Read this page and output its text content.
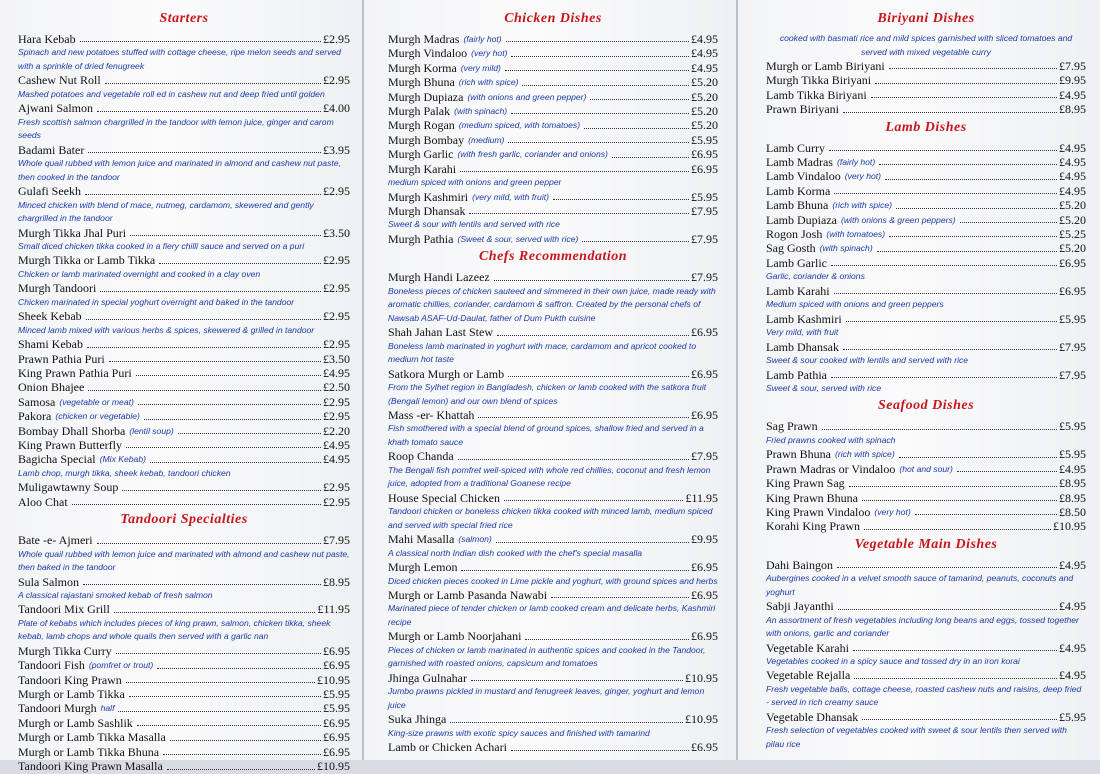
Starters
Hara Kebab	£2.95
Spinach and new potatoes stuffed with cottage cheese, ripe melon seeds and served with a sprinkle of dried fenugreek
Cashew Nut Roll	£2.95
Mashed potatoes and vegetable roll ed in cashew nut and deep fried until golden
Ajwani Salmon	£4.00
Fresh scottish salmon chargrilled in the tandoor with lemon juice, ginger and carom seeds
Badami Bater	£3.95
Whole quail rubbed with lemon juice and marinated in almond and cashew nut paste, then cooked in the tandoor
Gulafi Seekh	£2.95
Minced chicken with blend of mace, nutmeg, cardamom, skewered and gently chargrilled in the tandoor
Murgh Tikka Jhal Puri	£3.50
Small diced chicken tikka cooked in a fiery chilli sauce and served on a puri
Murgh Tikka or Lamb Tikka	£2.95
Chicken or lamb marinated overnight and cooked in a clay oven
Murgh Tandoori	£2.95
Chicken marinated in special yoghurt overnight and baked in the tandoor
Sheek Kebab	£2.95
Minced lamb mixed with various herbs & spices, skewered & grilled in tandoor
Shami Kebab	£2.95
Prawn Pathia Puri	£3.50
King Prawn Pathia Puri	£4.95
Onion Bhajee	£2.50
Samosa (vegetable or meat)	£2.95
Pakora (chicken or vegetable)	£2.95
Bombay Dhall Shorba (lentil soup)	£2.20
King Prawn Butterfly	£4.95
Bagicha Special (Mix Kebab)	£4.95
Lamb chop, murgh tikka, sheek kebab, tandoori chicken
Muligawtawny Soup	£2.95
Aloo Chat	£2.95
Tandoori Specialties
Bate -e- Ajmeri	£7.95
Whole quail rubbed with lemon juice and marinated with almond and cashew nut paste, then baked in the tandoor
Sula Salmon	£8.95
A classical rajastani smoked kebab of fresh salmon
Tandoori Mix Grill	£11.95
Plate of kebabs which includes pieces of king prawn, salmon, chicken tikka, sheek kebab, lamb chops and whole quails then served with a garlic nan
Murgh Tikka Curry	£6.95
Tandoori Fish (pomfret or trout)	£6.95
Tandoori King Prawn	£10.95
Murgh or Lamb Tikka	£5.95
Tandoori Murgh half	£5.95
Murgh or Lamb Sashlik	£6.95
Murgh or Lamb Tikka Masalla	£6.95
Murgh or Lamb Tikka Bhuna	£6.95
Tandoori King Prawn Masalla	£10.95
Chicken Dishes
Murgh Madras (fairly hot)	£4.95
Murgh Vindaloo (very hot)	£4.95
Murgh Korma (very mild)	£4.95
Murgh Bhuna (rich with spice)	£5.20
Murgh Dupiaza (with onions and green pepper)	£5.20
Murgh Palak (with spinach)	£5.20
Murgh Rogan (medium spiced, with tomatoes)	£5.20
Murgh Bombay (medium)	£5.95
Murgh Garlic (with fresh garlic, coriander and onions)	£6.95
Murgh Karahi	£6.95
medium spiced with onions and green pepper
Murgh Kashmiri (very mild, with fruit)	£5.95
Murgh Dhansak	£7.95
Sweet & sour with lentils and served with rice
Murgh Pathia (Sweet & sour, served with rice)	£7.95
Chefs Recommendation
Murgh Handi Lazeez	£7.95
Boneless pieces of chicken sauteed and simmered in their own juice, made ready with aromatic chillies, coriander, cardamom & saffron. Created by the personal chefs of Nawsab ASAF-Ud-Daulat, father of Dum Pukth cuisine
Shah Jahan Last Stew	£6.95
Boneless lamb marinated in yoghurt with mace, cardamom and apricot cooked to medium hot taste
Satkora Murgh or Lamb	£6.95
From the Sylhet region in Bangladesh, chicken or lamb cooked with the satkora fruit (Bengali lemon) and our own blend of spices
Mass -er- Khattah	£6.95
Fish smothered with a special blend of ground spices, shallow fried and served in a khath tomato sauce
Roop Chanda	£7.95
The Bengali fish pomfret well-spiced with whole red chillies, coconut and fresh lemon juice, adopted from a traditional Goanese recipe
House Special Chicken	£11.95
Tandoori chicken or boneless chicken tikka cooked with minced lamb, medium spiced and served with special fried rice
Mahi Masalla (salmon)	£9.95
A classical north Indian dish cooked with the chef's special masalla
Murgh Lemon	£6.95
Diced chicken pieces cooked in Lime pickle and yoghurt, with ground spices and herbs
Murgh or Lamb Pasanda Nawabi	£6.95
Marinated piece of tender chicken or lamb cooked cream and delicate herbs, Kashmiri recipe
Murgh or Lamb Noorjahani	£6.95
Pieces of chicken or lamb marinated in authentic spices and cooked in the Tandoor, garnished with roasted onions, capsicum and tomatoes
Jhinga Gulnahar	£10.95
Jumbo prawns pickled in mustard and fenugreek leaves, ginger, yoghurt and lemon juice
Suka Jhinga	£10.95
King-size prawns with exotic spicy sauces and finished with tamarind
Lamb or Chicken Achari	£6.95
Biriyani Dishes
cooked with basmati rice and mild spices garnished with sliced tomatoes and served with mixed vegetable curry
Murgh or Lamb Biriyani	£7.95
Murgh Tikka Biriyani	£9.95
Lamb Tikka Biriyani	£4.95
Prawn Biriyani	£8.95
Lamb Dishes
Lamb Curry	£4.95
Lamb Madras (fairly hot)	£4.95
Lamb Vindaloo (very hot)	£4.95
Lamb Korma	£4.95
Lamb Bhuna (rich with spice)	£5.20
Lamb Dupiaza (with onions & green peppers)	£5.20
Rogon Josh (with tomatoes)	£5.25
Sag Gosth (with spinach)	£5.20
Lamb Garlic	£6.95
Garlic, coriander & onions
Lamb Karahi	£6.95
Medium spiced with onions and green peppers
Lamb Kashmiri	£5.95
Very mild, with fruit
Lamb Dhansak	£7.95
Sweet & sour cooked with lentils and served with rice
Lamb Pathia	£7.95
Sweet & sour, served with rice
Seafood Dishes
Sag Prawn	£5.95
Fried prawns cooked with spinach
Prawn Bhuna (rich with spice)	£5.95
Prawn Madras or Vindaloo (hot and sour)	£4.95
King Prawn Sag	£8.95
King Prawn Bhuna	£8.95
King Prawn Vindaloo (very hot)	£8.50
Korahi King Prawn	£10.95
Vegetable Main Dishes
Dahi Baingon	£4.95
Aubergines cooked in a velvet smooth sauce of tamarind, peanuts, coconuts and yoghurt
Sabji Jayanthi	£4.95
An assortment of fresh vegetables including long beans and eggs, tossed together with onions, garlic and coriander
Vegetable Karahi	£4.95
Vegetables cooked in a spicy sauce and tossed dry in an iron korai
Vegetable Rejalla	£4.95
Fresh vegetable balls, cottage cheese, roasted cashew nuts and raisins, deep fried - served in rich creamy sauce
Vegetable Dhansak	£5.95
Fresh selection of vegetables cooked with sweet & sour lentils then served with pilau rice
